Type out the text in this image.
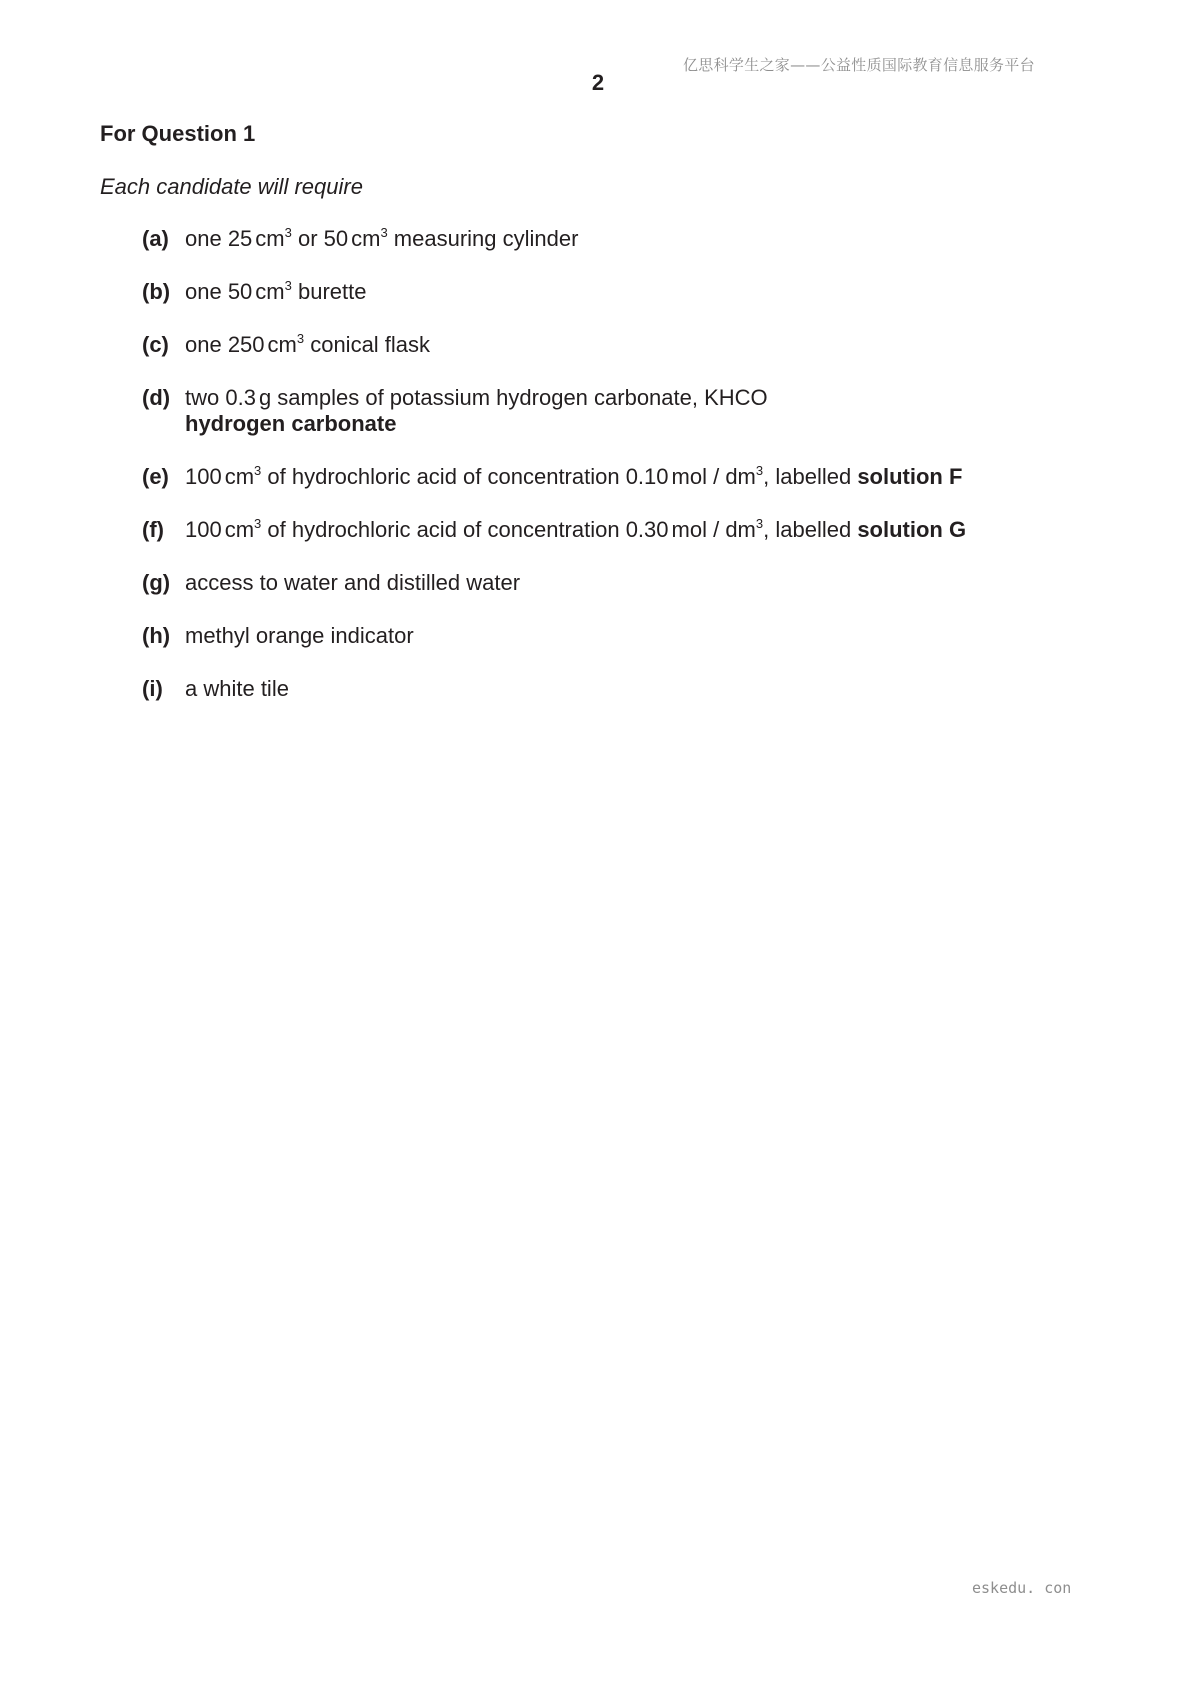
亿思科学生之家——公益性质国际教育信息服务平台
2
For Question 1
Each candidate will require
(a) one 25 $cm^3$ or 50 $cm^3$ measuring cylinder
(b) one 50 $cm^3$ burette
(c) one 250 $cm^3$ conical flask
(d) two 0.3 g samples of potassium hydrogen carbonate, KHCO
hydrogen carbonate
(e) 100 $cm^3$ of hydrochloric acid of concentration 0.10 mol / $dm^3$, labelled solution F
(f) 100 $cm^3$ of hydrochloric acid of concentration 0.30 mol / $dm^3$, labelled solution G
(g) access to water and distilled water
(h) methyl orange indicator
(i) a white tile
eskedu. con
